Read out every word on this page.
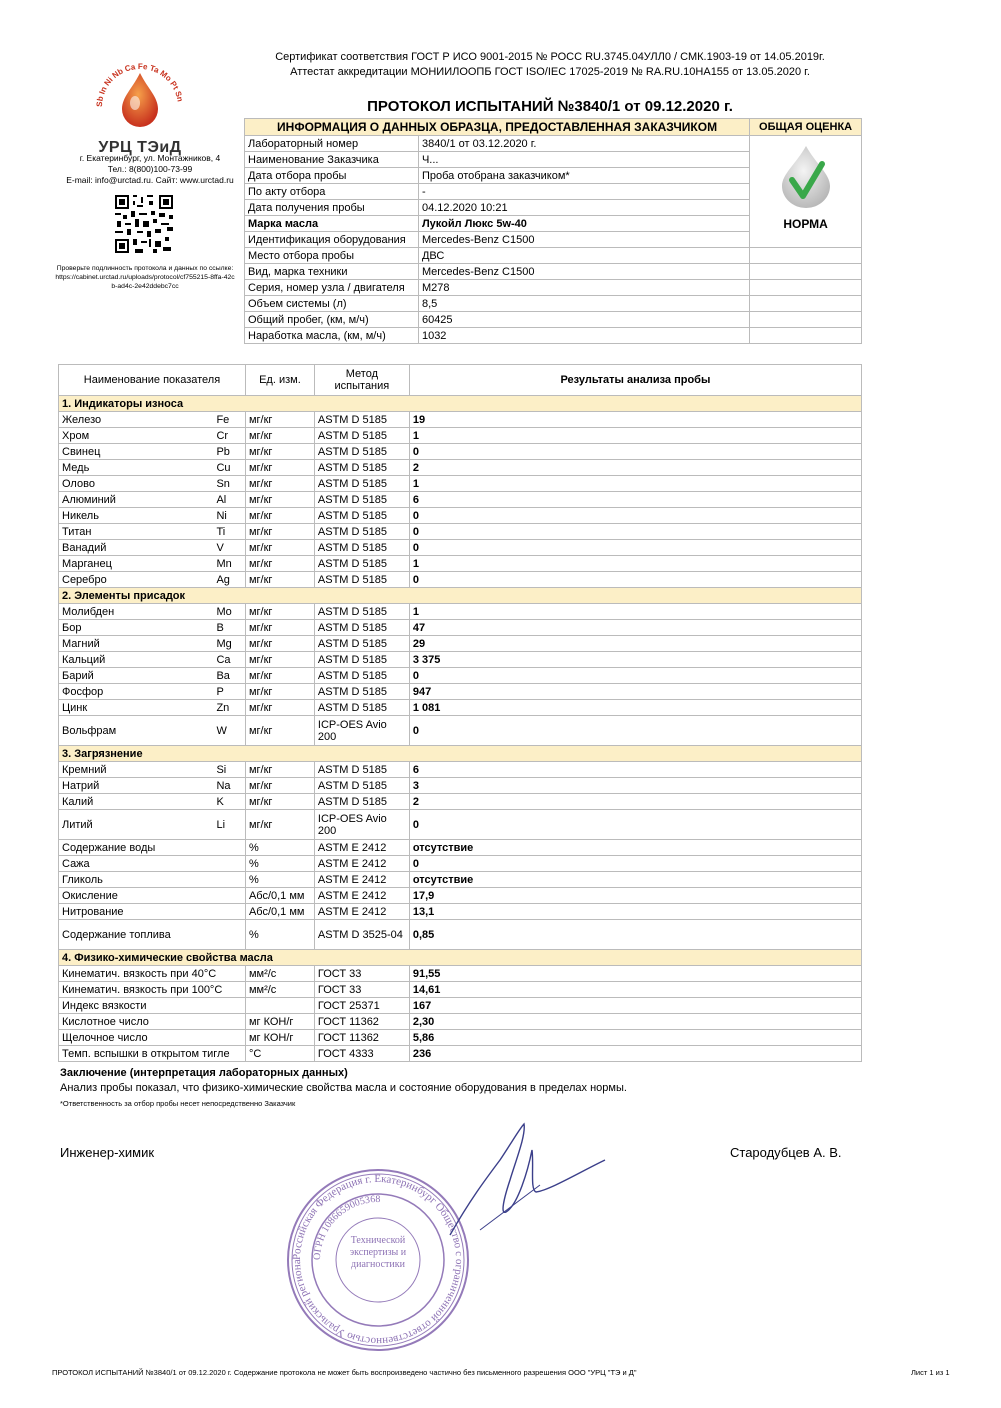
Сертификат соответствия ГОСТ Р ИСО 9001-2015 № РОСС RU.3745.04УЛЛ0 / СМК.1903-19 от 14.05.2019г.
Аттестат аккредитации МОНИИЛООПБ ГОСТ ISO/IEC 17025-2019 № RA.RU.10НА155 от 13.05.2020 г.
ПРОТОКОЛ ИСПЫТАНИЙ №3840/1 от 09.12.2020 г.
Sb In Ni Nb Ca Fe Ta Mo Pt Sn
УРЦ ТЭиД
г. Екатеринбург, ул. Монтажников, 4
Тел.: 8(800)100-73-99
E-mail: info@urctad.ru. Сайт: www.urctad.ru
Проверьте подлинность протокола и данных по ссылке:
https://cabinet.urctad.ru/uploads/protocol/cf755215-8ffa-42cb-ad4c-2e42ddebc7cc
ИНФОРМАЦИЯ О ДАННЫХ ОБРАЗЦА, ПРЕДОСТАВЛЕННАЯ ЗАКАЗЧИКОМ		ОБЩАЯ ОЦЕНКА
Лабораторный номер	3840/1 от 03.12.2020 г.	НОРМА

Наименование Заказчика	Ч...	
Дата отбора пробы	Проба отобрана заказчиком*	
По акту отбора	-	
Дата получения пробы	04.12.2020 10:21	
Марка масла	Лукойл Люкс 5w-40	
Идентификация оборудования	Mercedes-Benz C1500	
Место отбора пробы	ДВС	
Вид, марка техники	Mercedes-Benz C1500	
Серия, номер узла / двигателя	M278	
Объем системы (л)	8,5	
Общий пробег, (км, м/ч)	60425	
Наработка масла, (км, м/ч)	1032	
Наименование показателя		Ед. изм.	Метод испытания	Результаты анализа пробы
1. Индикаторы износа				
Железо	Fe	мг/кг	ASTM D 5185	19
Хром	Cr	мг/кг	ASTM D 5185	1
Свинец	Pb	мг/кг	ASTM D 5185	0
Медь	Cu	мг/кг	ASTM D 5185	2
Олово	Sn	мг/кг	ASTM D 5185	1
Алюминий	Al	мг/кг	ASTM D 5185	6
Никель	Ni	мг/кг	ASTM D 5185	0
Титан	Ti	мг/кг	ASTM D 5185	0
Ванадий	V	мг/кг	ASTM D 5185	0
Марганец	Mn	мг/кг	ASTM D 5185	1
Серебро	Ag	мг/кг	ASTM D 5185	0
2. Элементы присадок				
Молибден	Mo	мг/кг	ASTM D 5185	1
Бор	B	мг/кг	ASTM D 5185	47
Магний	Mg	мг/кг	ASTM D 5185	29
Кальций	Ca	мг/кг	ASTM D 5185	3 375
Барий	Ba	мг/кг	ASTM D 5185	0
Фосфор	P	мг/кг	ASTM D 5185	947
Цинк	Zn	мг/кг	ASTM D 5185	1 081
Вольфрам	W	мг/кг	ICP-OES Avio 200	0
3. Загрязнение				
Кремний	Si	мг/кг	ASTM D 5185	6
Натрий	Na	мг/кг	ASTM D 5185	3
Калий	K	мг/кг	ASTM D 5185	2
Литий	Li	мг/кг	ICP-OES Avio 200	0
Содержание воды		%	ASTM E 2412	отсутствие
Сажа		%	ASTM E 2412	0
Гликоль		%	ASTM E 2412	отсутствие
Окисление		Абс/0,1 мм	ASTM E 2412	17,9
Нитрование		Абс/0,1 мм	ASTM E 2412	13,1
Содержание топлива		%	ASTM D 3525-04	0,85
4. Физико-химические свойства масла				
Кинематич. вязкость при 40°C		мм²/с	ГОСТ 33	91,55
Кинематич. вязкость при 100°C		мм²/с	ГОСТ 33	14,61
Индекс вязкости			ГОСТ 25371	167
Кислотное число		мг КОН/г	ГОСТ 11362	2,30
Щелочное число		мг КОН/г	ГОСТ 11362	5,86
Темп. вспышки в открытом тигле		°C	ГОСТ 4333	236
Заключение (интерпретация лабораторных данных)
Анализ пробы показал, что физико-химические свойства масла и состояние оборудования в пределах нормы.
*Ответственность за отбор пробы несет непосредственно Заказчик
Инженер-химик	Стародубцев А. В.
Российская Федерация г. Екатеринбург Общество с ограниченной ответственностью Уральский региона
ОГРН 1086659005368
Технической экспертизы и диагностики
ПРОТОКОЛ ИСПЫТАНИЙ №3840/1 от 09.12.2020 г. Содержание протокола не может быть воспроизведено частично без письменного разрешения ООО "УРЦ "ТЭ и Д"	Лист 1 из 1
